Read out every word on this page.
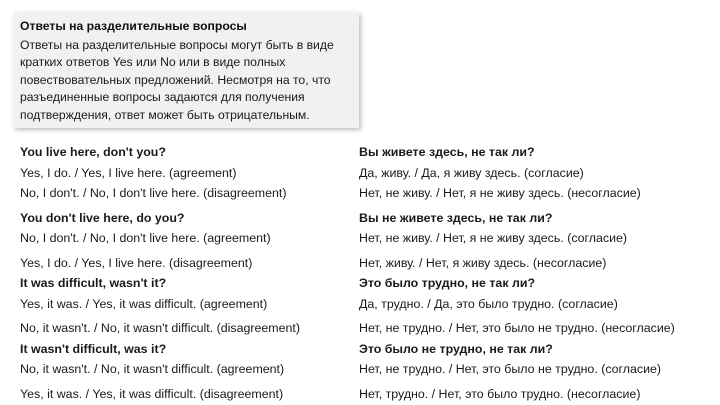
Ответы на разделительные вопросы

Ответы на разделительные вопросы могут быть в виде
кратких ответов Yes или No или в виде полных
повествовательных предложений. Несмотря на то, что
разъединенные вопросы задаются для получения
подтверждения, ответ может быть отрицательным.

You live here, don't you?	Вы живете здесь, не так ли?
Yes, I do. / Yes, I live here. (agreement)	Да, живу. / Да, я живу здесь. (согласие)
No, I don't. / No, I don't live here. (disagreement)	Нет, не живу. / Нет, я не живу здесь. (несогласие)
You don't live here, do you?	Вы не живете здесь, не так ли?
No, I don't. / No, I don't live here. (agreement)	Нет, не живу. / Нет, я не живу здесь. (согласие)
Yes, I do. / Yes, I live here. (disagreement)	Нет, живу. / Нет, я живу здесь. (несогласие)
It was difficult, wasn't it?	Это было трудно, не так ли?
Yes, it was. / Yes, it was difficult. (agreement)	Да, трудно. / Да, это было трудно. (согласие)
No, it wasn't. / No, it wasn't difficult. (disagreement)	Нет, не трудно. / Нет, это было не трудно. (несогласие)
It wasn't difficult, was it?	Это было не трудно, не так ли?
No, it wasn't. / No, it wasn't difficult. (agreement)	Нет, не трудно. / Нет, это было не трудно. (согласие)
Yes, it was. / Yes, it was difficult. (disagreement)	Нет, трудно. / Нет, это было трудно. (несогласие)
